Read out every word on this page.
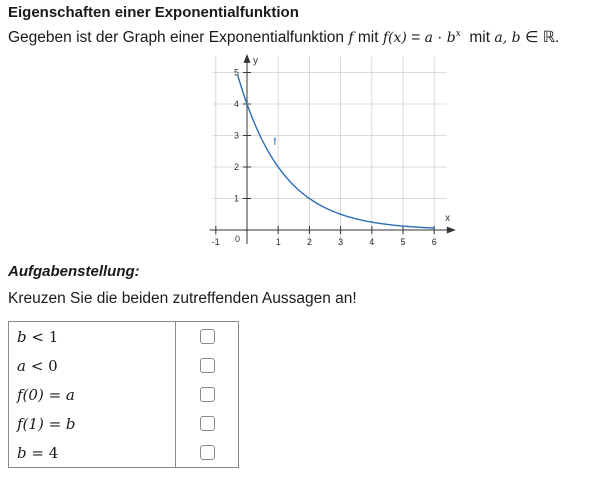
Eigenschaften einer Exponentialfunktion
Gegeben ist der Graph einer Exponentialfunktion f mit $f(x) = a \cdot b^x$ mit a, b ∈ ℝ.
-1	1	2	3	4	5	6
1
2
3
4
5
0
x
y
f
Aufgabenstellung:
Kreuzen Sie die beiden zutreffenden Aussagen an!
b < 1	
a < 0	
f(0) = a	
f(1) = b	
b = 4	
